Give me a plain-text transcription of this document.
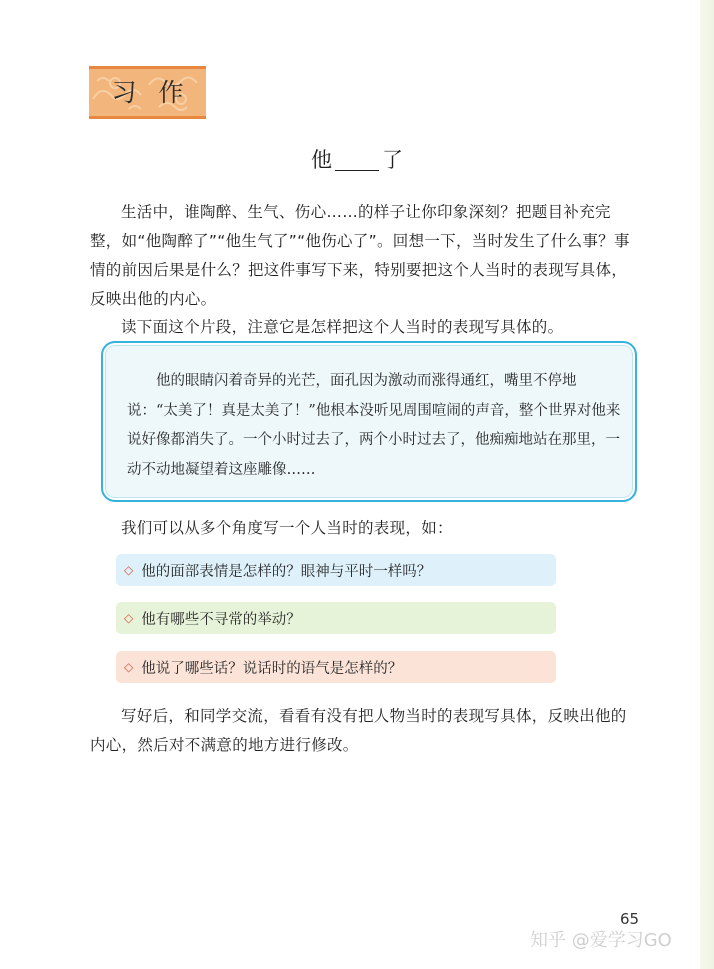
习作
他 了

生活中，谁陶醉、生气、伤心……的样子让你印象深刻？把题目补充完整，如“他陶醉了”“他生气了”“他伤心了”。回想一下，当时发生了什么事？事情的前因后果是什么？把这件事写下来，特别要把这个人当时的表现写具体，反映出他的内心。

读下面这个片段，注意它是怎样把这个人当时的表现写具体的。

他的眼睛闪着奇异的光芒，面孔因为激动而涨得通红，嘴里不停地说：“太美了！真是太美了！”他根本没听见周围喧闹的声音，整个世界对他来说好像都消失了。一个小时过去了，两个小时过去了，他痴痴地站在那里，一动不动地凝望着这座雕像……

我们可以从多个角度写一个人当时的表现，如：

◇ 他的面部表情是怎样的？眼神与平时一样吗？
◇ 他有哪些不寻常的举动？
◇ 他说了哪些话？说话时的语气是怎样的？

写好后，和同学交流，看看有没有把人物当时的表现写具体，反映出他的内心，然后对不满意的地方进行修改。

65
知乎 @爱学习GO
